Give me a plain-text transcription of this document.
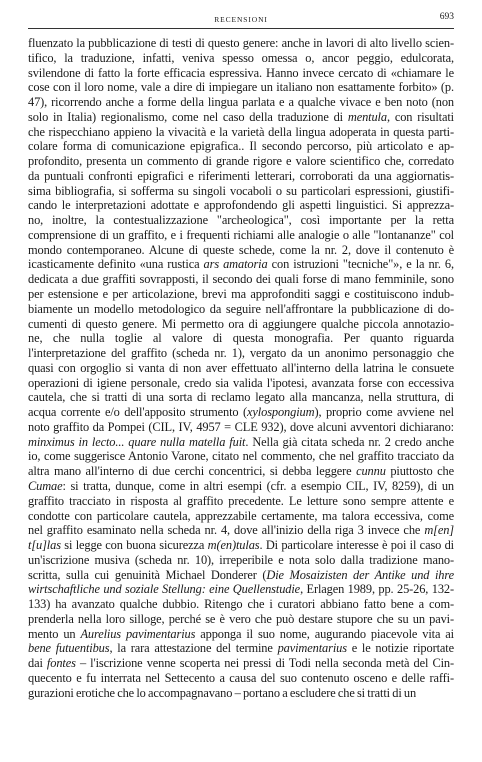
RECENSIONI	693
fluenzato la pubblicazione di testi di questo genere: anche in lavori di alto livello scien-
tifico, la traduzione, infatti, veniva spesso omessa o, ancor peggio, edulcorata,
svilendone di fatto la forte efficacia espressiva. Hanno invece cercato di «chiamare le
cose con il loro nome, vale a dire di impiegare un italiano non esattamente forbito» (p.
47), ricorrendo anche a forme della lingua parlata e a qualche vivace e ben noto (non
solo in Italia) regionalismo, come nel caso della traduzione di mentula, con risultati
che rispecchiano appieno la vivacità e la varietà della lingua adoperata in questa parti-
colare forma di comunicazione epigrafica.. Il secondo percorso, più articolato e ap-
profondito, presenta un commento di grande rigore e valore scientifico che, corredato
da puntuali confronti epigrafici e riferimenti letterari, corroborati da una aggiornatis-
sima bibliografia, si sofferma su singoli vocaboli o su particolari espressioni, giustifi-
cando le interpretazioni adottate e approfondendo gli aspetti linguistici. Si apprezza-
no, inoltre, la contestualizzazione "archeologica", così importante per la retta
comprensione di un graffito, e i frequenti richiami alle analogie o alle "lontananze" col
mondo contemporaneo. Alcune di queste schede, come la nr. 2, dove il contenuto è
icasticamente definito «una rustica ars amatoria con istruzioni "tecniche"», e la nr. 6,
dedicata a due graffiti sovrapposti, il secondo dei quali forse di mano femminile, sono
per estensione e per articolazione, brevi ma approfonditi saggi e costituiscono indub-
biamente un modello metodologico da seguire nell'affrontare la pubblicazione di do-
cumenti di questo genere. Mi permetto ora di aggiungere qualche piccola annotazio-
ne, che nulla toglie al valore di questa monografia. Per quanto riguarda
l'interpretazione del graffito (scheda nr. 1), vergato da un anonimo personaggio che
quasi con orgoglio si vanta di non aver effettuato all'interno della latrina le consuete
operazioni di igiene personale, credo sia valida l'ipotesi, avanzata forse con eccessiva
cautela, che si tratti di una sorta di reclamo legato alla mancanza, nella struttura, di
acqua corrente e/o dell'apposito strumento (xylospongium), proprio come avviene nel
noto graffito da Pompei (CIL, IV, 4957 = CLE 932), dove alcuni avventori dichiarano:
minximus in lecto... quare nulla matella fuit. Nella già citata scheda nr. 2 credo anche
io, come suggerisce Antonio Varone, citato nel commento, che nel graffito tracciato da
altra mano all'interno di due cerchi concentrici, si debba leggere cunnu piuttosto che
Cumae: si tratta, dunque, come in altri esempi (cfr. a esempio CIL, IV, 8259), di un
graffito tracciato in risposta al graffito precedente. Le letture sono sempre attente e
condotte con particolare cautela, apprezzabile certamente, ma talora eccessiva, come
nel graffito esaminato nella scheda nr. 4, dove all'inizio della riga 3 invece che m[en]
t[u]las si legge con buona sicurezza m(en)tulas. Di particolare interesse è poi il caso di
un'iscrizione musiva (scheda nr. 10), irreperibile e nota solo dalla tradizione mano-
scritta, sulla cui genuinità Michael Donderer (Die Mosaizisten der Antike und ihre
wirtschaftliche und soziale Stellung: eine Quellenstudie, Erlagen 1989, pp. 25-26, 132-
133) ha avanzato qualche dubbio. Ritengo che i curatori abbiano fatto bene a com-
prenderla nella loro silloge, perché se è vero che può destare stupore che su un pavi-
mento un Aurelius pavimentarius apponga il suo nome, augurando piacevole vita ai
bene futuentibus, la rara attestazione del termine pavimentarius e le notizie riportate
dai fontes – l'iscrizione venne scoperta nei pressi di Todi nella seconda metà del Cin-
quecento e fu interrata nel Settecento a causa del suo contenuto osceno e delle raffi-
gurazioni erotiche che lo accompagnavano – portano a escludere che si tratti di un
